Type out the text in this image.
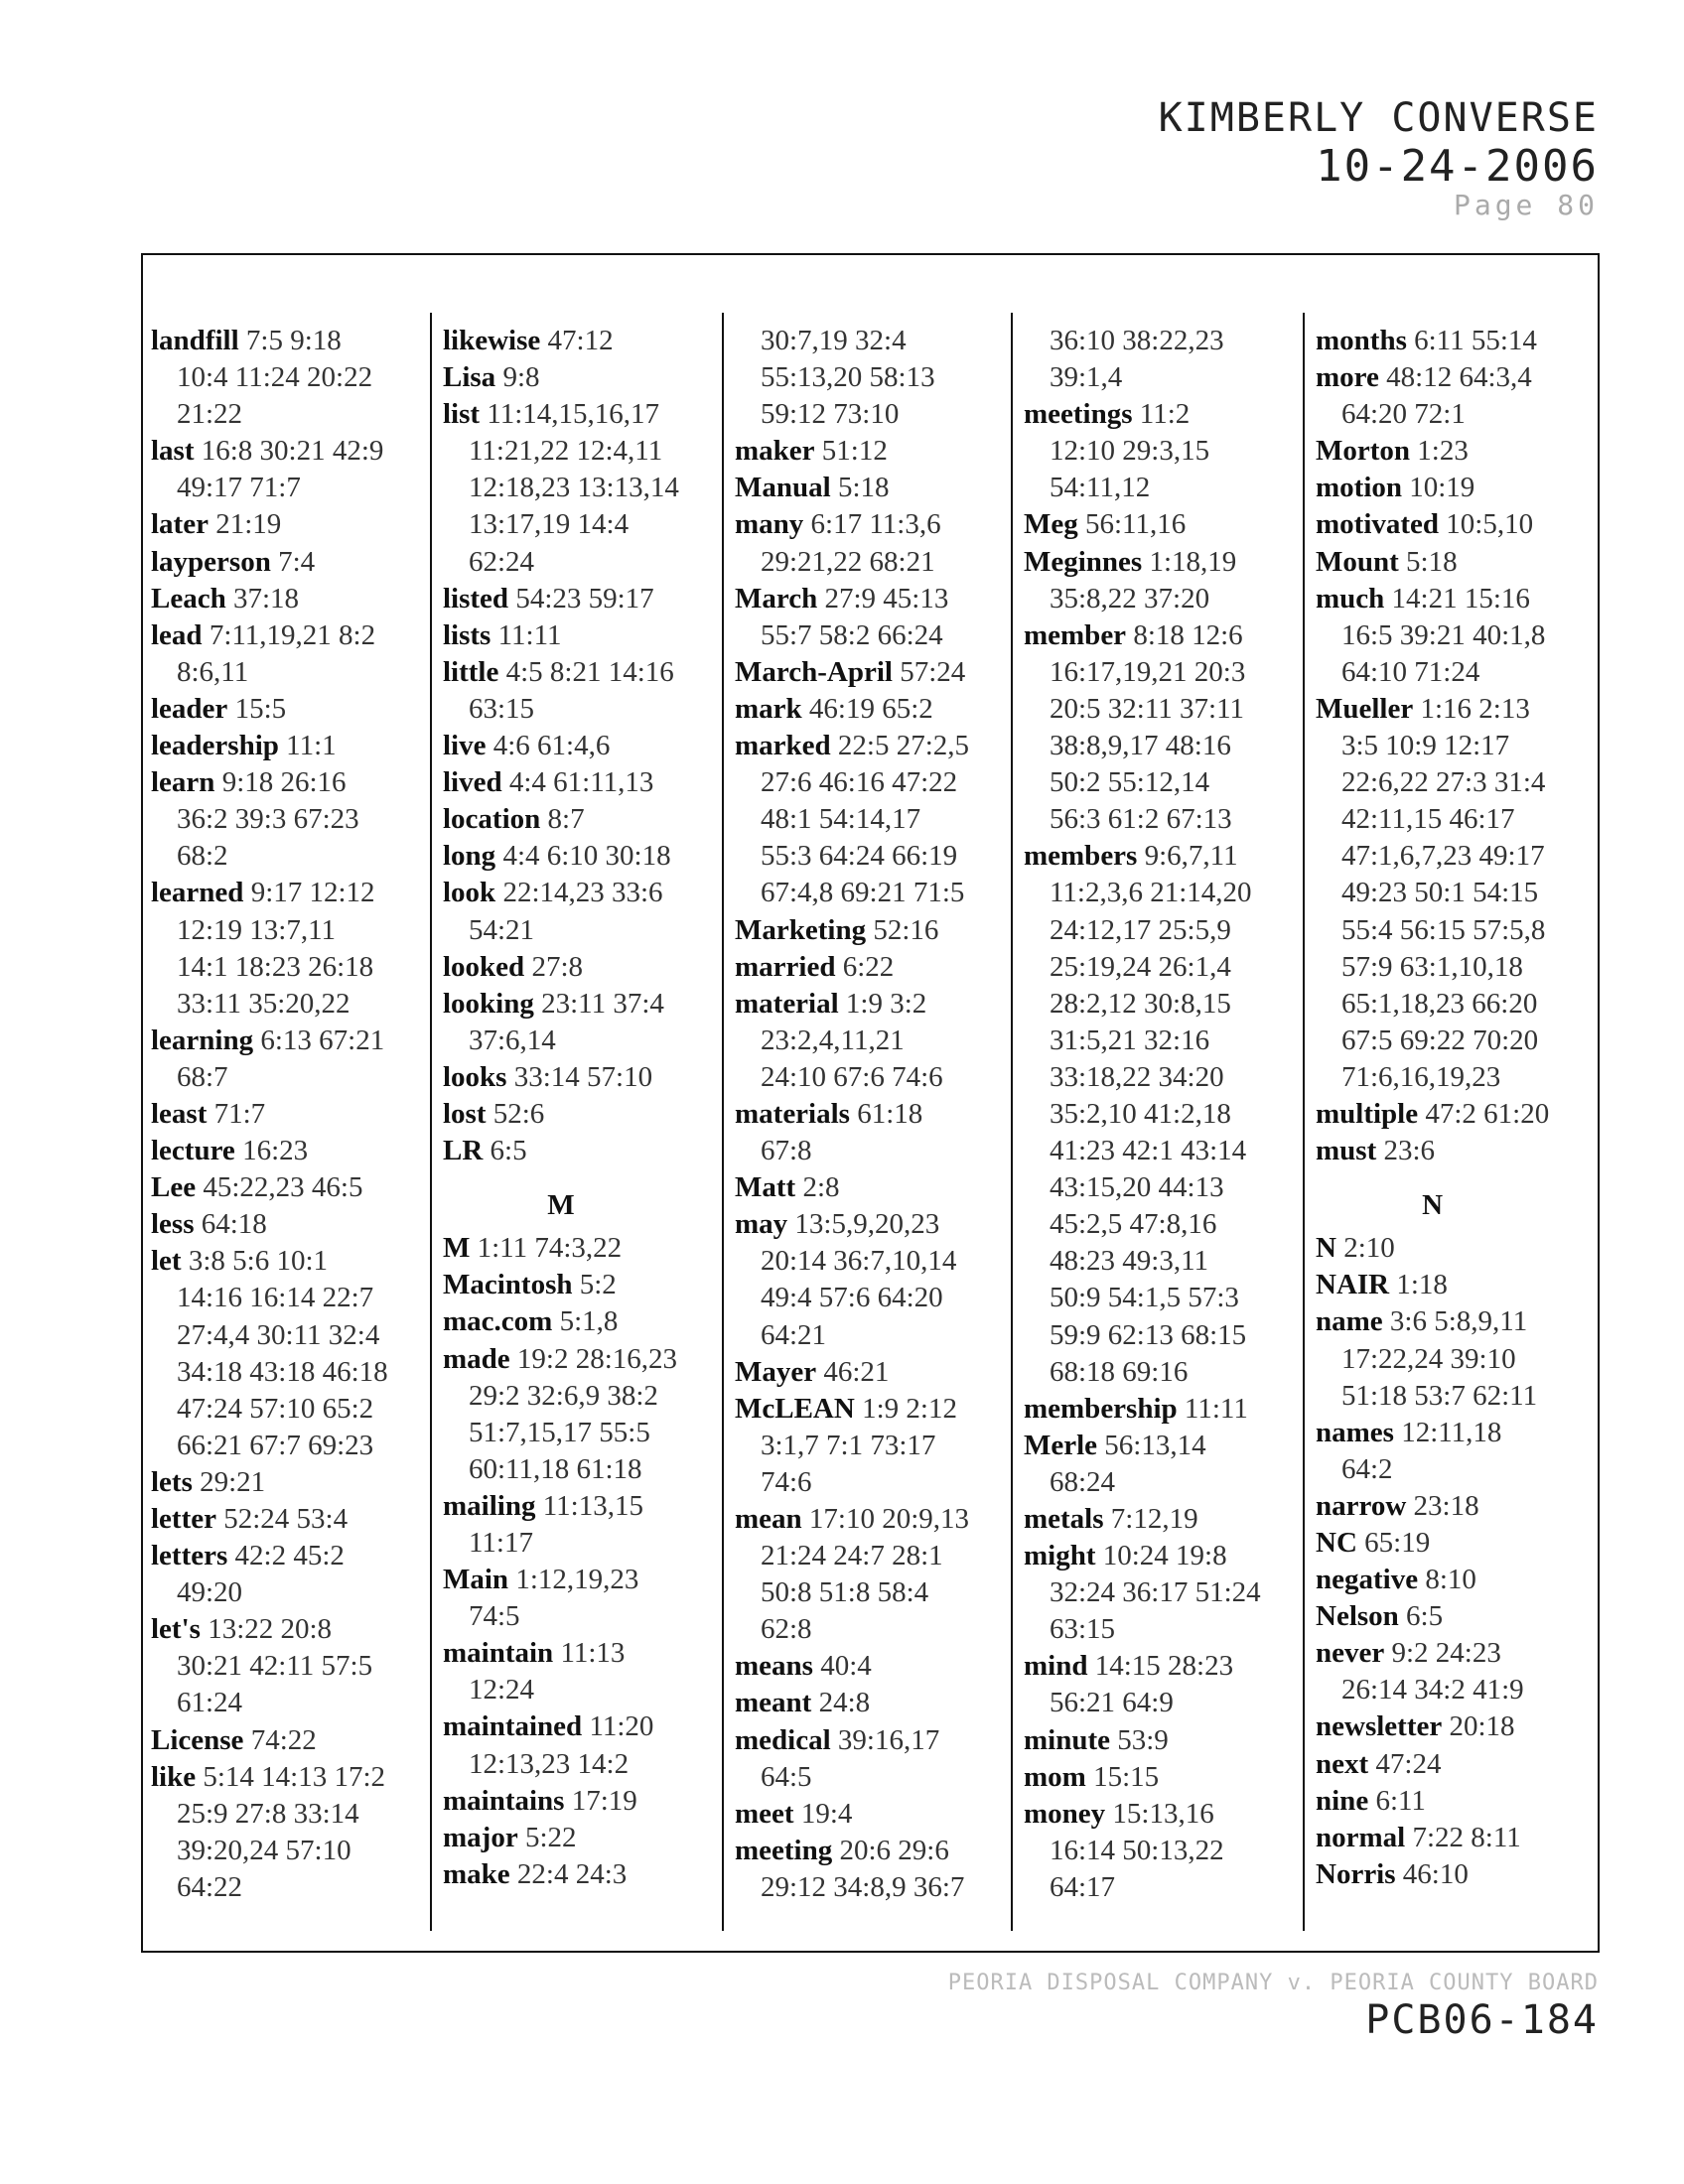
KIMBERLY CONVERSE
10-24-2006
Page 80
landfill 7:5 9:18
10:4 11:24 20:22
21:22
last 16:8 30:21 42:9
49:17 71:7
later 21:19
layperson 7:4
Leach 37:18
lead 7:11,19,21 8:2
8:6,11
leader 15:5
leadership 11:1
learn 9:18 26:16
36:2 39:3 67:23
68:2
learned 9:17 12:12
12:19 13:7,11
14:1 18:23 26:18
33:11 35:20,22
learning 6:13 67:21
68:7
least 71:7
lecture 16:23
Lee 45:22,23 46:5
less 64:18
let 3:8 5:6 10:1
14:16 16:14 22:7
27:4,4 30:11 32:4
34:18 43:18 46:18
47:24 57:10 65:2
66:21 67:7 69:23
lets 29:21
letter 52:24 53:4
letters 42:2 45:2
49:20
let's 13:22 20:8
30:21 42:11 57:5
61:24
License 74:22
like 5:14 14:13 17:2
25:9 27:8 33:14
39:20,24 57:10
64:22
likewise 47:12
Lisa 9:8
list 11:14,15,16,17
11:21,22 12:4,11
12:18,23 13:13,14
13:17,19 14:4
62:24
listed 54:23 59:17
lists 11:11
little 4:5 8:21 14:16
63:15
live 4:6 61:4,6
lived 4:4 61:11,13
location 8:7
long 4:4 6:10 30:18
look 22:14,23 33:6
54:21
looked 27:8
looking 23:11 37:4
37:6,14
looks 33:14 57:10
lost 52:6
LR 6:5
M
M 1:11 74:3,22
Macintosh 5:2
mac.com 5:1,8
made 19:2 28:16,23
29:2 32:6,9 38:2
51:7,15,17 55:5
60:11,18 61:18
mailing 11:13,15
11:17
Main 1:12,19,23
74:5
maintain 11:13
12:24
maintained 11:20
12:13,23 14:2
maintains 17:19
major 5:22
make 22:4 24:3
30:7,19 32:4
55:13,20 58:13
59:12 73:10
maker 51:12
Manual 5:18
many 6:17 11:3,6
29:21,22 68:21
March 27:9 45:13
55:7 58:2 66:24
March-April 57:24
mark 46:19 65:2
marked 22:5 27:2,5
27:6 46:16 47:22
48:1 54:14,17
55:3 64:24 66:19
67:4,8 69:21 71:5
Marketing 52:16
married 6:22
material 1:9 3:2
23:2,4,11,21
24:10 67:6 74:6
materials 61:18
67:8
Matt 2:8
may 13:5,9,20,23
20:14 36:7,10,14
49:4 57:6 64:20
64:21
Mayer 46:21
McLEAN 1:9 2:12
3:1,7 7:1 73:17
74:6
mean 17:10 20:9,13
21:24 24:7 28:1
50:8 51:8 58:4
62:8
means 40:4
meant 24:8
medical 39:16,17
64:5
meet 19:4
meeting 20:6 29:6
29:12 34:8,9 36:7
36:10 38:22,23
39:1,4
meetings 11:2
12:10 29:3,15
54:11,12
Meg 56:11,16
Meginnes 1:18,19
35:8,22 37:20
member 8:18 12:6
16:17,19,21 20:3
20:5 32:11 37:11
38:8,9,17 48:16
50:2 55:12,14
56:3 61:2 67:13
members 9:6,7,11
11:2,3,6 21:14,20
24:12,17 25:5,9
25:19,24 26:1,4
28:2,12 30:8,15
31:5,21 32:16
33:18,22 34:20
35:2,10 41:2,18
41:23 42:1 43:14
43:15,20 44:13
45:2,5 47:8,16
48:23 49:3,11
50:9 54:1,5 57:3
59:9 62:13 68:15
68:18 69:16
membership 11:11
Merle 56:13,14
68:24
metals 7:12,19
might 10:24 19:8
32:24 36:17 51:24
63:15
mind 14:15 28:23
56:21 64:9
minute 53:9
mom 15:15
money 15:13,16
16:14 50:13,22
64:17
months 6:11 55:14
more 48:12 64:3,4
64:20 72:1
Morton 1:23
motion 10:19
motivated 10:5,10
Mount 5:18
much 14:21 15:16
16:5 39:21 40:1,8
64:10 71:24
Mueller 1:16 2:13
3:5 10:9 12:17
22:6,22 27:3 31:4
42:11,15 46:17
47:1,6,7,23 49:17
49:23 50:1 54:15
55:4 56:15 57:5,8
57:9 63:1,10,18
65:1,18,23 66:20
67:5 69:22 70:20
71:6,16,19,23
multiple 47:2 61:20
must 23:6
N
N 2:10
NAIR 1:18
name 3:6 5:8,9,11
17:22,24 39:10
51:18 53:7 62:11
names 12:11,18
64:2
narrow 23:18
NC 65:19
negative 8:10
Nelson 6:5
never 9:2 24:23
26:14 34:2 41:9
newsletter 20:18
next 47:24
nine 6:11
normal 7:22 8:11
Norris 46:10
PEORIA DISPOSAL COMPANY v. PEORIA COUNTY BOARD
PCB06-184
